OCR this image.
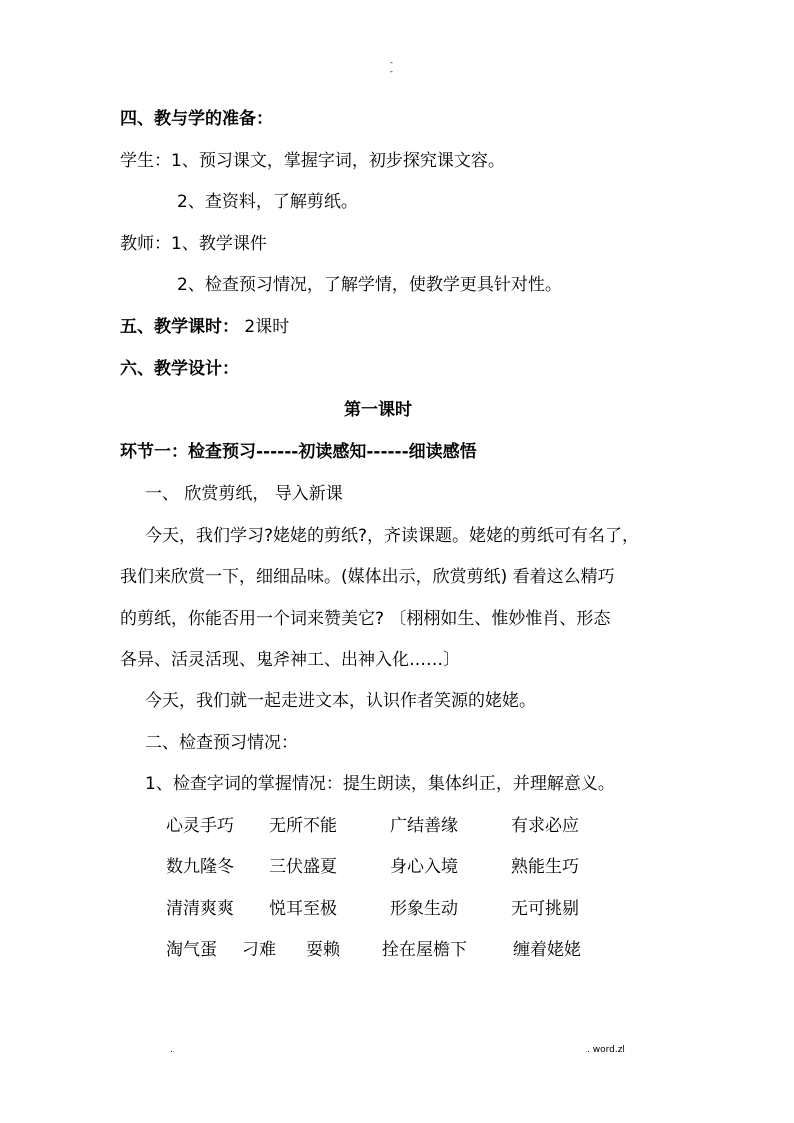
-
-
四、教与学的准备：
学生：1、预习课文，掌握字词，初步探究课文容。
2、查资料，了解剪纸。
教师：1、教学课件
2、检查预习情况，了解学情，使教学更具针对性。
五、教学课时： 2课时
六、教学设计：
第一课时
环节一：检查预习------初读感知------细读感悟
一、 欣赏剪纸， 导入新课
今天，我们学习?姥姥的剪纸?，齐读课题。姥姥的剪纸可有名了，
我们来欣赏一下，细细品味。(媒体出示，欣赏剪纸) 看着这么精巧
的剪纸，你能否用一个词来赞美它? 〔栩栩如生、惟妙惟肖、形态
各异、活灵活现、鬼斧神工、出神入化……〕
今天，我们就一起走进文本，认识作者笑源的姥姥。
二、检查预习情况：
1、检查字词的掌握情况：提生朗读，集体纠正，并理解意义。
心灵手巧 无所不能	广结善缘	有求必应
数九隆冬 三伏盛夏	身心入境	熟能生巧
清清爽爽 悦耳至极	形象生动	无可挑剔
淘气蛋 刁难 耍赖 拴在屋檐下	缠着姥姥
.	. word.zl
